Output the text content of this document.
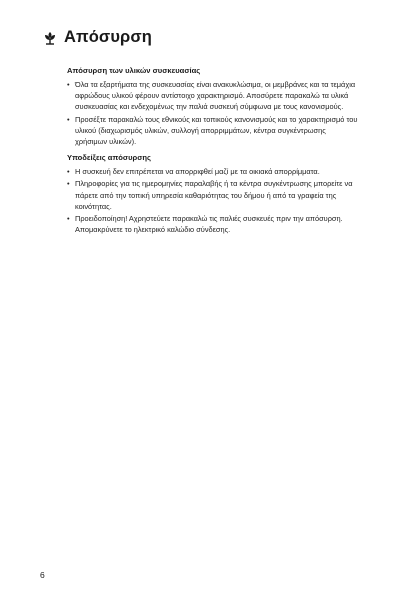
Απόσυρση
Απόσυρση των υλικών συσκευασίας
• Όλα τα εξαρτήματα της συσκευασίας είναι ανακυκλώσιμα, οι μεμβράνες και τα τεμάχια αφρώδους υλικού φέρουν αντίστοιχο χαρακτηρισμό. Αποσύρετε παρακαλώ τα υλικά συσκευασίας και ενδεχομένως την παλιά συσκευή σύμφωνα με τους κανονισμούς.
• Προσέξτε παρακαλώ τους εθνικούς και τοπικούς κανονισμούς και το χαρακτηρισμό του υλικού (διαχωρισμός υλικών, συλλογή απορριμμάτων, κέντρα συγκέντρωσης χρήσιμων υλικών).
Υποδείξεις απόσυρσης
• Η συσκευή δεν επιτρέπεται να απορριφθεί μαζί με τα οικιακά απορρίμματα.
• Πληροφορίες για τις ημερομηνίες παραλαβής ή τα κέντρα συγκέντρωσης μπορείτε να πάρετε από την τοπική υπηρεσία καθαριότητας του δήμου ή από τα γραφεία της κοινότητας.
• Προειδοποίηση! Αχρηστεύετε παρακαλώ τις παλιές συσκευές πριν την απόσυρση. Απομακρύνετε το ηλεκτρικό καλώδιο σύνδεσης.
6
